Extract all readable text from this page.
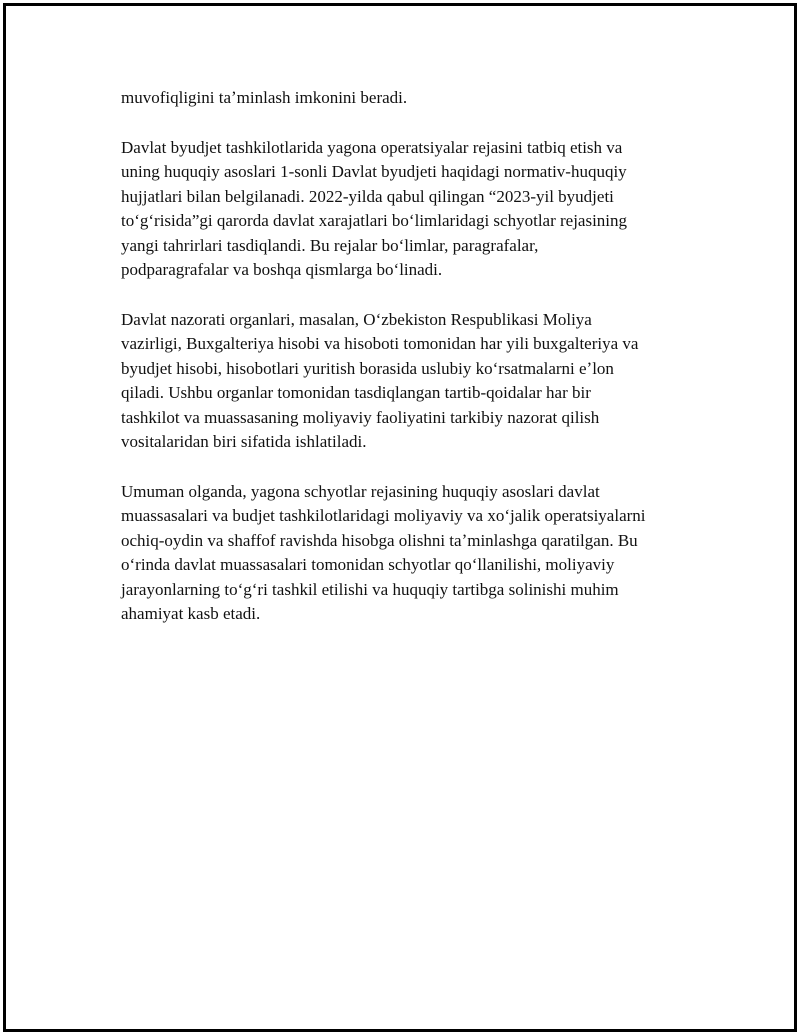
muvofiqligini taʼminlash imkonini beradi.

Davlat byudjet tashkilotlarida yagona operatsiyalar rejasini tatbiq etish va
uning huquqiy asoslari 1-sonli Davlat byudjeti haqidagi normativ-huquqiy
hujjatlari bilan belgilanadi. 2022-yilda qabul qilingan “2023-yil byudjeti
toʻgʻrisida”gi qarorda davlat xarajatlari boʻlimlaridagi schyotlar rejasining
yangi tahrirlari tasdiqlandi. Bu rejalar boʻlimlar, paragrafalar,
podparagrafalar va boshqa qismlarga boʻlinadi.

Davlat nazorati organlari, masalan, Oʻzbekiston Respublikasi Moliya
vazirligi, Buxgalteriya hisobi va hisoboti tomonidan har yili buxgalteriya va
byudjet hisobi, hisobotlari yuritish borasida uslubiy koʻrsatmalarni eʼlon
qiladi. Ushbu organlar tomonidan tasdiqlangan tartib-qoidalar har bir
tashkilot va muassasaning moliyaviy faoliyatini tarkibiy nazorat qilish
vositalaridan biri sifatida ishlatiladi.

Umuman olganda, yagona schyotlar rejasining huquqiy asoslari davlat
muassasalari va budjet tashkilotlaridagi moliyaviy va xoʻjalik operatsiyalarni
ochiq-oydin va shaffof ravishda hisobga olishni taʼminlashga qaratilgan. Bu
oʻrinda davlat muassasalari tomonidan schyotlar qoʻllanilishi, moliyaviy
jarayonlarning toʻgʻri tashkil etilishi va huquqiy tartibga solinishi muhim
ahamiyat kasb etadi.
